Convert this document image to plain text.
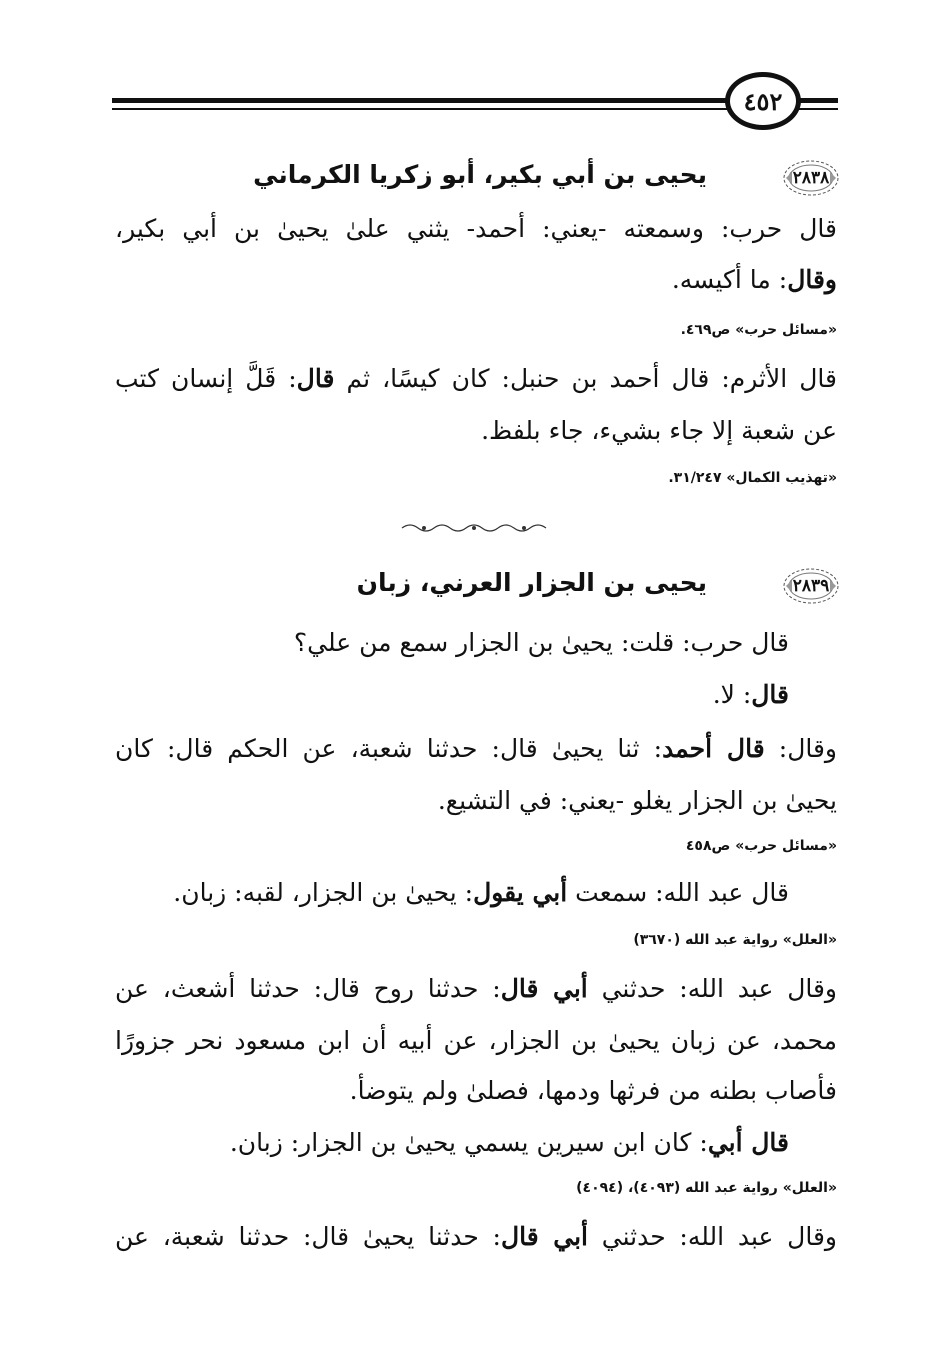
٤٥٢
٢٨٣٨
يحيى بن أبي بكير، أبو زكريا الكرماني
قال حرب: وسمعته -يعني: أحمد- يثني علىٰ يحيىٰ بن أبي بكير،
وقال: ما أكيسه.
«مسائل حرب» ص٤٦٩.
قال الأثرم: قال أحمد بن حنبل: كان كيسًا، ثم قال: قَلَّ إنسان كتب
عن شعبة إلا جاء بشيء، جاء بلفظ.
«تهذيب الكمال» ٣١/٢٤٧.
٢٨٣٩
يحيى بن الجزار العرني، زبان
قال حرب: قلت: يحيىٰ بن الجزار سمع من علي؟
قال: لا.
وقال: قال أحمد: ثنا يحيىٰ قال: حدثنا شعبة، عن الحكم قال: كان
يحيىٰ بن الجزار يغلو -يعني: في التشيع.
«مسائل حرب» ص٤٥٨
قال عبد الله: سمعت أبي يقول: يحيىٰ بن الجزار، لقبه: زبان.
«العلل» رواية عبد الله (٣٦٧٠)
وقال عبد الله: حدثني أبي قال: حدثنا روح قال: حدثنا أشعث، عن
محمد، عن زبان يحيىٰ بن الجزار، عن أبيه أن ابن مسعود نحر جزورًا
فأصاب بطنه من فرثها ودمها، فصلىٰ ولم يتوضأ.
قال أبي: كان ابن سيرين يسمي يحيىٰ بن الجزار: زبان.
«العلل» رواية عبد الله (٤٠٩٣)، (٤٠٩٤)
وقال عبد الله: حدثني أبي قال: حدثنا يحيىٰ قال: حدثنا شعبة، عن
